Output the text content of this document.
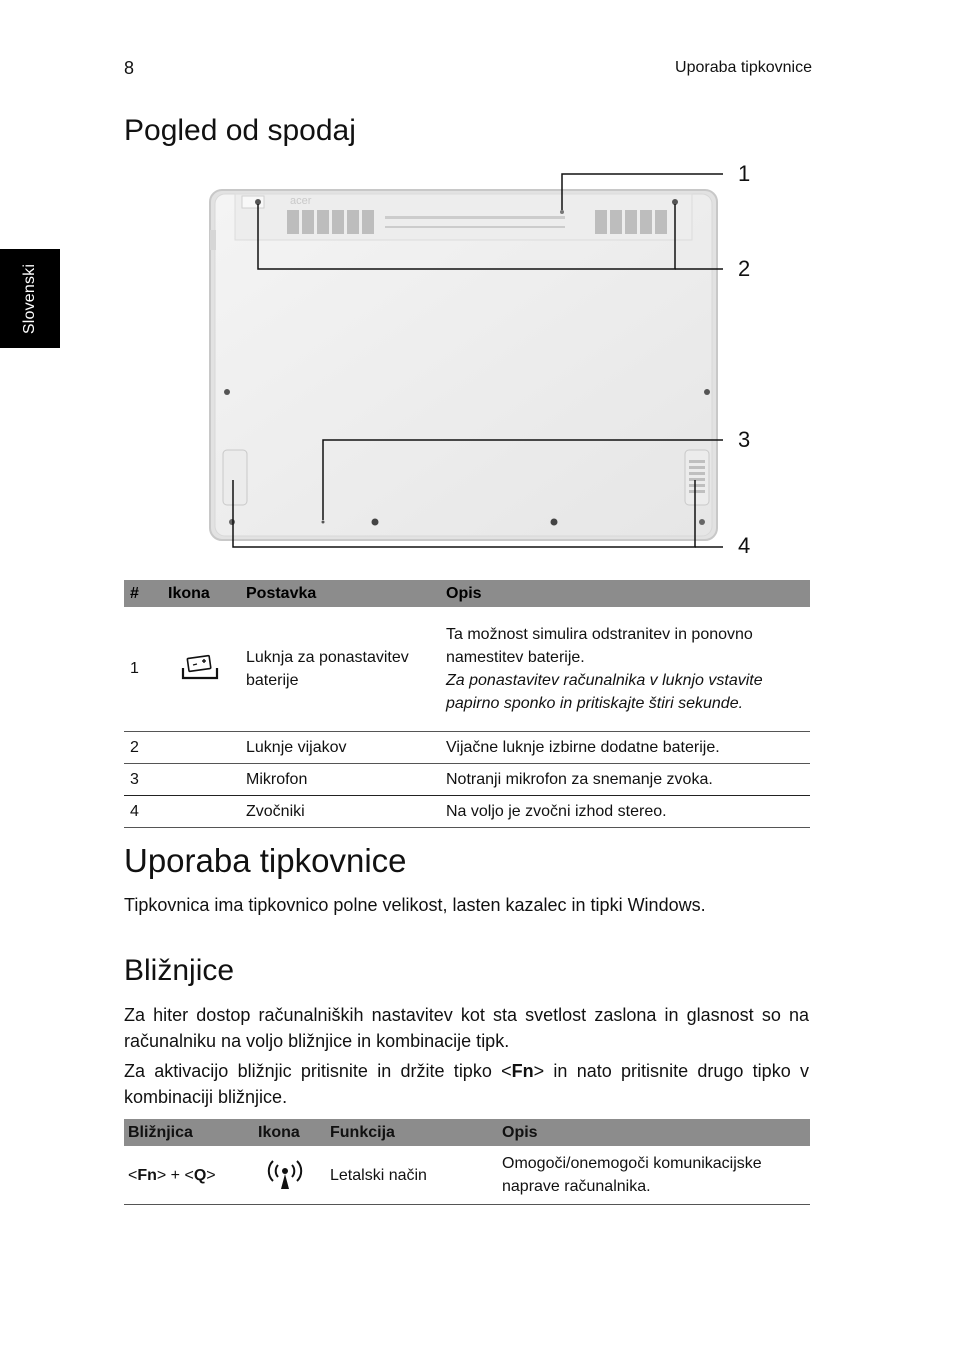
8	Uporaba tipkovnice
Slovenski
Pogled od spodaj
acer
1
2
3
4
#	Ikona	Postavka	Opis
1		Luknja za ponastavitev baterije	Ta možnost simulira odstranitev in ponovno namestitev baterije.
Za ponastavitev računalnika v luknjo vstavite papirno sponko in pritiskajte štiri sekunde.
2		Luknje vijakov	Vijačne luknje izbirne dodatne baterije.
3		Mikrofon	Notranji mikrofon za snemanje zvoka.
4		Zvočniki	Na voljo je zvočni izhod stereo.
Uporaba tipkovnice

Tipkovnica ima tipkovnico polne velikost, lasten kazalec in tipki Windows.

Bližnjice

Za hiter dostop računalniških nastavitev kot sta svetlost zaslona in glasnost so na računalniku na voljo bližnjice in kombinacije tipk.

Za aktivacijo bližnjic pritisnite in držite tipko <Fn> in nato pritisnite drugo tipko v kombinaciji bližnjice.

Bližnjica	Ikona	Funkcija	Opis
<Fn> + <Q>		Letalski način	Omogoči/onemogoči komunikacijske naprave računalnika.
